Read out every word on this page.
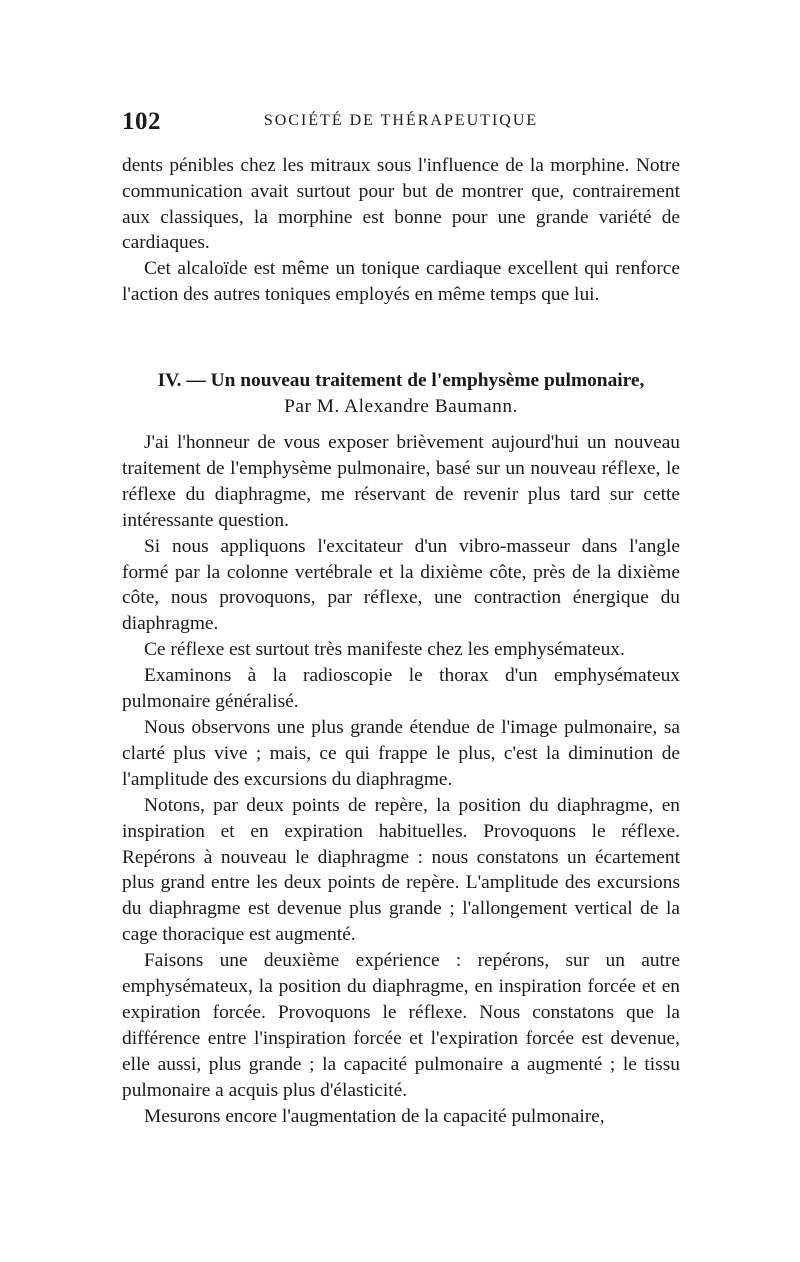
102	SOCIÉTÉ DE THÉRAPEUTIQUE

dents pénibles chez les mitraux sous l'influence de la morphine. Notre communication avait surtout pour but de montrer que, contrairement aux classiques, la morphine est bonne pour une grande variété de cardiaques.

Cet alcaloïde est même un tonique cardiaque excellent qui renforce l'action des autres toniques employés en même temps que lui.

IV. — Un nouveau traitement de l'emphysème pulmonaire,
Par M. Alexandre Baumann.

J'ai l'honneur de vous exposer brièvement aujourd'hui un nouveau traitement de l'emphysème pulmonaire, basé sur un nouveau réflexe, le réflexe du diaphragme, me réservant de revenir plus tard sur cette intéressante question.

Si nous appliquons l'excitateur d'un vibro-masseur dans l'angle formé par la colonne vertébrale et la dixième côte, près de la dixième côte, nous provoquons, par réflexe, une contraction énergique du diaphragme.

Ce réflexe est surtout très manifeste chez les emphysémateux.

Examinons à la radioscopie le thorax d'un emphysémateux pulmonaire généralisé.

Nous observons une plus grande étendue de l'image pulmonaire, sa clarté plus vive ; mais, ce qui frappe le plus, c'est la diminution de l'amplitude des excursions du diaphragme.

Notons, par deux points de repère, la position du diaphragme, en inspiration et en expiration habituelles. Provoquons le réflexe. Repérons à nouveau le diaphragme : nous constatons un écartement plus grand entre les deux points de repère. L'amplitude des excursions du diaphragme est devenue plus grande ; l'allongement vertical de la cage thoracique est augmenté.

Faisons une deuxième expérience : repérons, sur un autre emphysémateux, la position du diaphragme, en inspiration forcée et en expiration forcée. Provoquons le réflexe. Nous constatons que la différence entre l'inspiration forcée et l'expiration forcée est devenue, elle aussi, plus grande ; la capacité pulmonaire a augmenté ; le tissu pulmonaire a acquis plus d'élasticité.

Mesurons encore l'augmentation de la capacité pulmonaire,
